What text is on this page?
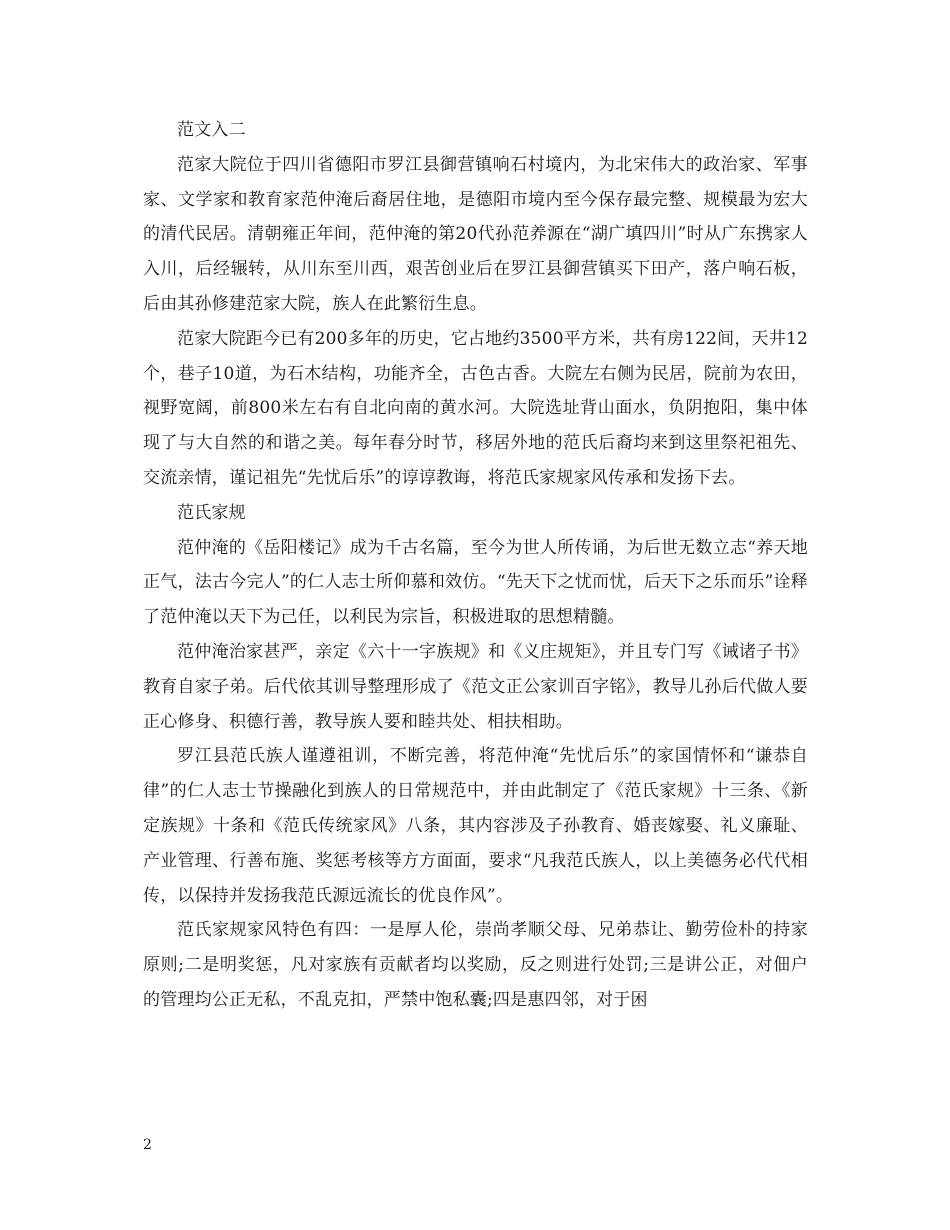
范文入二

范家大院位于四川省德阳市罗江县御营镇响石村境内，为北宋伟大的政治家、军事家、文学家和教育家范仲淹后裔居住地，是德阳市境内至今保存最完整、规模最为宏大的清代民居。清朝雍正年间，范仲淹的第20代孙范养源在“湖广填四川”时从广东携家人入川，后经辗转，从川东至川西，艰苦创业后在罗江县御营镇买下田产，落户响石板，后由其孙修建范家大院，族人在此繁衍生息。

范家大院距今已有200多年的历史，它占地约3500平方米，共有房122间，天井12个，巷子10道，为石木结构，功能齐全，古色古香。大院左右侧为民居，院前为农田，视野宽阔，前800米左右有自北向南的黄水河。大院选址背山面水，负阴抱阳，集中体现了与大自然的和谐之美。每年春分时节，移居外地的范氏后裔均来到这里祭祀祖先、交流亲情，谨记祖先“先忧后乐”的谆谆教诲，将范氏家规家风传承和发扬下去。

范氏家规

范仲淹的《岳阳楼记》成为千古名篇，至今为世人所传诵，为后世无数立志“养天地正气，法古今完人”的仁人志士所仰慕和效仿。“先天下之忧而忧，后天下之乐而乐”诠释了范仲淹以天下为己任，以利民为宗旨，积极进取的思想精髓。

范仲淹治家甚严，亲定《六十一字族规》和《义庄规矩》，并且专门写《诫诸子书》教育自家子弟。后代依其训导整理形成了《范文正公家训百字铭》，教导儿孙后代做人要正心修身、积德行善，教导族人要和睦共处、相扶相助。

罗江县范氏族人谨遵祖训，不断完善，将范仲淹“先忧后乐”的家国情怀和“谦恭自律”的仁人志士节操融化到族人的日常规范中，并由此制定了《范氏家规》十三条、《新定族规》十条和《范氏传统家风》八条，其内容涉及子孙教育、婚丧嫁娶、礼义廉耻、产业管理、行善布施、奖惩考核等方方面面，要求“凡我范氏族人，以上美德务必代代相传，以保持并发扬我范氏源远流长的优良作风”。

范氏家规家风特色有四：一是厚人伦，崇尚孝顺父母、兄弟恭让、勤劳俭朴的持家原则;二是明奖惩，凡对家族有贡献者均以奖励，反之则进行处罚;三是讲公正，对佃户的管理均公正无私，不乱克扣，严禁中饱私囊;四是惠四邻，对于困

2
